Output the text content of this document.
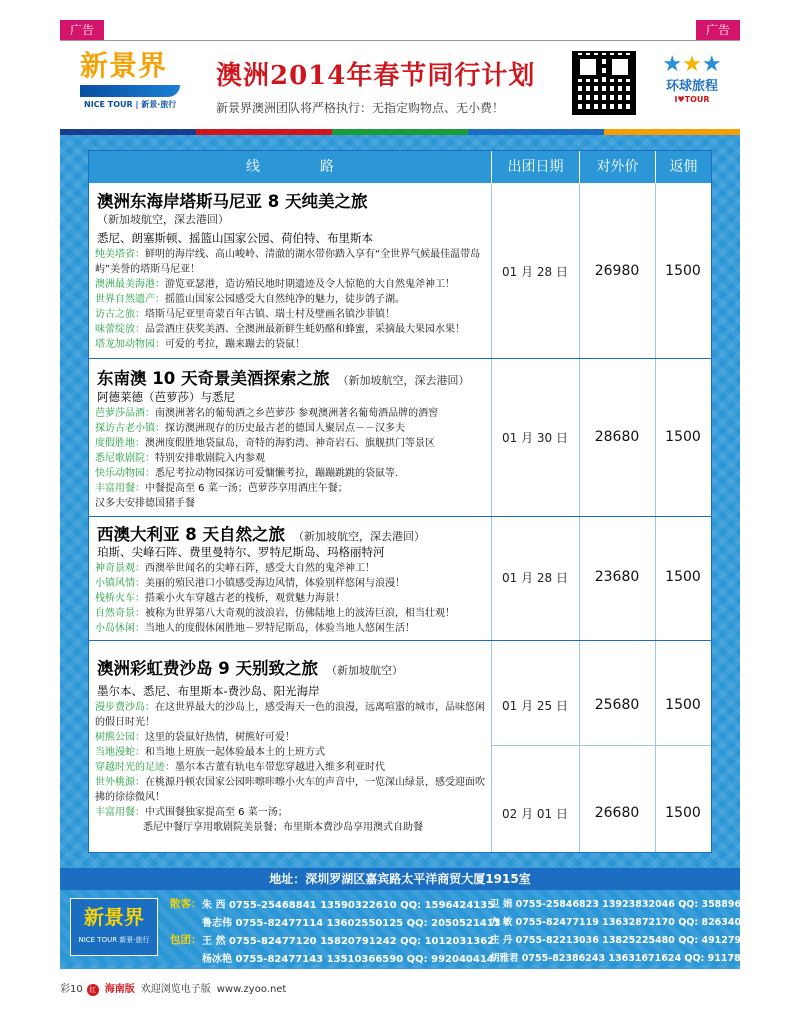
广告	广告
新景界
NICE TOUR | 新景·旅行
澳洲2014年春节同行计划
新景界澳洲团队将严格执行：无指定购物点、无小费！
★★★
环球旅程
I♥TOUR
线路	出团日期	对外价	返佣
澳洲东海岸塔斯马尼亚 8 天纯美之旅
（新加坡航空，深去港回）
悉尼、朗塞斯顿、摇篮山国家公园、荷伯特、布里斯本
纯美塔省：鲜明的海岸线、高山峻岭、清澈的湖水带你踏入享有“全世界气候最佳温带岛屿”美誉的塔斯马尼亚！
澳洲最美海港：游览亚瑟港，造访殖民地时期遗迹及令人惊艳的大自然鬼斧神工！
世界自然遗产：摇篮山国家公园感受大自然纯净的魅力，徒步鸽子湖。
访古之旅：塔斯马尼亚里奇蒙百年古镇、瑞士村及壁画名镇沙菲镇！
味蕾绽放：品尝酒庄获奖美酒、全澳洲最新鲜生蚝奶酪和蜂蜜，采摘最大果园水果！
塔龙加动物园：可爱的考拉，蹦来蹦去的袋鼠！
01 月 28 日	26980	1500
东南澳 10 天奇景美酒探索之旅 （新加坡航空，深去港回）
阿德莱德（芭萝莎）与悉尼
芭萝莎品酒：南澳洲著名的葡萄酒之乡芭萝莎 参观澳洲著名葡萄酒品牌的酒窖
探访古老小镇：探访澳洲现存的历史最古老的德国人聚居点－－汉多夫
度假胜地：澳洲度假胜地袋鼠岛，奇特的海豹湾、神奇岩石、旗舰拱门等景区
悉尼歌剧院：特别安排歌剧院入内参观
快乐动物园：悉尼考拉动物园探访可爱慵懒考拉，蹦蹦跳跳的袋鼠等.
丰富用餐：中餐提高至 6 菜一汤；芭萝莎享用酒庄午餐；
汉多夫安排德国猪手餐
01 月 30 日	28680	1500
西澳大利亚 8 天自然之旅 （新加坡航空，深去港回）
珀斯、尖峰石阵、费里曼特尔、罗特尼斯岛、玛格丽特河
神奇景观：西澳举世闻名的尖峰石阵，感受大自然的鬼斧神工！
小镇风情：美丽的殖民港口小镇感受海边风情，体验别样悠闲与浪漫！
栈桥火车：搭乘小火车穿越古老的栈桥，观赏魅力海景！
自然奇景：被称为世界第八大奇观的波浪岩，仿佛陆地上的波涛巨浪，相当壮观！
小岛休闲：当地人的度假休闲胜地－罗特尼斯岛，体验当地人悠闲生活！
01 月 28 日	23680	1500
澳洲彩虹费沙岛 9 天别致之旅 （新加坡航空）
墨尔本、悉尼、布里斯本-费沙岛、阳光海岸
漫步费沙岛：在这世界最大的沙岛上，感受海天一色的浪漫，远离喧嚣的城市，品味悠闲的假日时光！
树熊公园：这里的袋鼠好热情，树熊好可爱！
当地漫蛇：和当地上班族一起体验最本土的上班方式
穿越时光的足迹：墨尔本古董有轨电车带您穿越进入维多利亚时代
世外桃源：在桃源丹顿农国家公园咔嚓咔嚓小火车的声音中，一览深山绿景，感受迎面吹拂的徐徐微风！
丰富用餐：中式围餐独家提高至 6 菜一汤；
悉尼中餐厅享用歌剧院美景餐；布里斯本费沙岛享用澳式自助餐
01 月 25 日	25680	1500
02 月 01 日	26680	1500
地址：深圳罗湖区嘉宾路太平洋商贸大厦1915室
新景界
NICE TOUR 新景·旅行
散客：
包团：
朱 西 0755-25468841 13590322610 QQ: 1596424135
鲁志伟 0755-82477114 13602550125 QQ: 2050521413
王 然 0755-82477120 15820791242 QQ: 1012031362
杨冰艳 0755-82477143 13510366590 QQ: 992040414
卫 娟 0755-25846823 13923832046 QQ: 358896555
方 敏 0755-82477119 13632872170 QQ: 82634015
庄 丹 0755-82213036 13825225480 QQ: 491279294
胡雅君 0755-82386243 13631671624 QQ: 911780497
彩10 红 海南版 欢迎浏览电子版 www.zyoo.net
